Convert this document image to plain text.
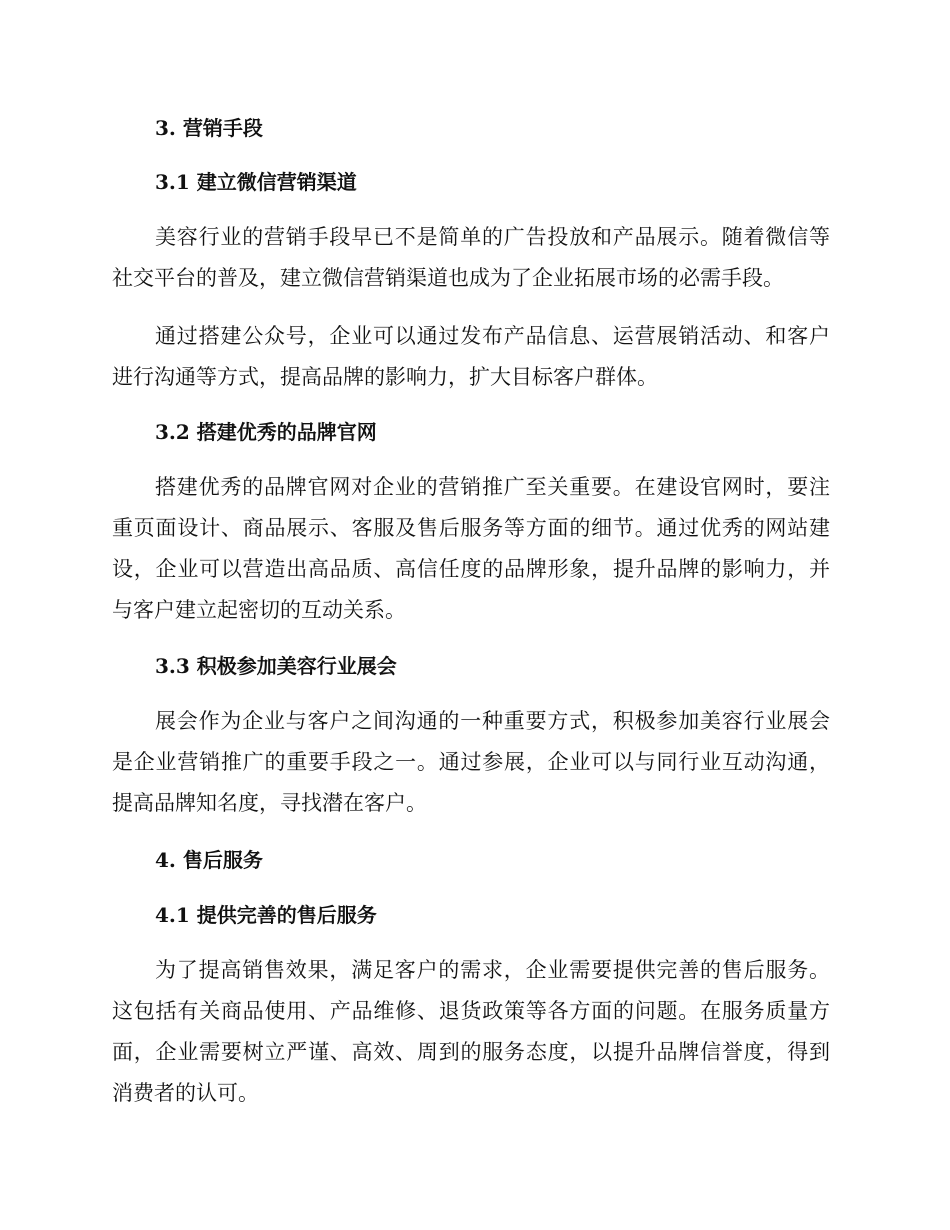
3. 营销手段
3.1 建立微信营销渠道
美容行业的营销手段早已不是简单的广告投放和产品展示。随着微信等
社交平台的普及，建立微信营销渠道也成为了企业拓展市场的必需手段。
通过搭建公众号，企业可以通过发布产品信息、运营展销活动、和客户
进行沟通等方式，提高品牌的影响力，扩大目标客户群体。
3.2 搭建优秀的品牌官网
搭建优秀的品牌官网对企业的营销推广至关重要。在建设官网时，要注
重页面设计、商品展示、客服及售后服务等方面的细节。通过优秀的网站建
设，企业可以营造出高品质、高信任度的品牌形象，提升品牌的影响力，并
与客户建立起密切的互动关系。
3.3 积极参加美容行业展会
展会作为企业与客户之间沟通的一种重要方式，积极参加美容行业展会
是企业营销推广的重要手段之一。通过参展，企业可以与同行业互动沟通，
提高品牌知名度，寻找潜在客户。
4. 售后服务
4.1 提供完善的售后服务
为了提高销售效果，满足客户的需求，企业需要提供完善的售后服务。
这包括有关商品使用、产品维修、退货政策等各方面的问题。在服务质量方
面，企业需要树立严谨、高效、周到的服务态度，以提升品牌信誉度，得到
消费者的认可。
